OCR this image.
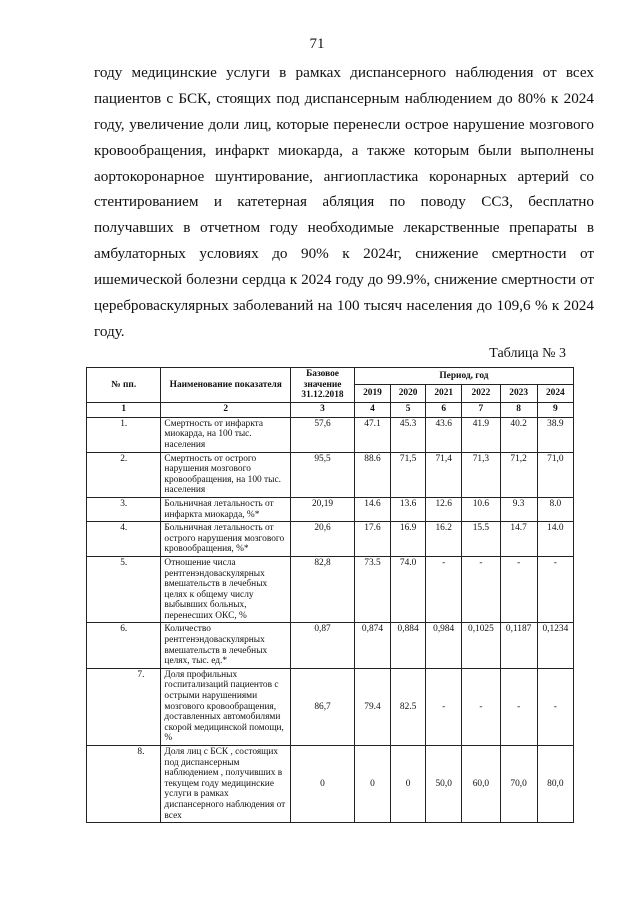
71
году медицинские услуги в рамках диспансерного наблюдения от всех
пациентов с БСК, стоящих под диспансерным наблюдением до 80% к 2024
году, увеличение доли лиц, которые перенесли острое нарушение мозгового
кровообращения, инфаркт миокарда, а также которым были выполнены
аортокоронарное шунтирование, ангиопластика коронарных артерий со
стентированием и катетерная абляция по поводу ССЗ, бесплатно
получавших в отчетном году необходимые лекарственные препараты в
амбулаторных условиях до 90% к 2024г, снижение смертности от
ишемической болезни сердца к 2024 году до 99.9%, снижение смертности от
цереброваскулярных заболеваний на 100 тысяч населения до 109,6 % к 2024
году.
Таблица № 3
№ пп.	Наименование показателя	Базовое значение 31.12.2018	Период, год					
			2019	2020	2021	2022	2023	2024
1	2	3	4	5	6	7	8	9
1.	Смертность от инфаркта миокарда, на 100 тыс. населения	57,6	47.1	45.3	43.6	41.9	40.2	38.9
2.	Смертность от острого нарушения мозгового кровообращения, на 100 тыс. населения	95,5	88.6	71,5	71,4	71,3	71,2	71,0
3.	Больничная летальность от инфаркта миокарда, %*	20,19	14.6	13.6	12.6	10.6	9.3	8.0
4.	Больничная летальность от острого нарушения мозгового кровообращения, %*	20,6	17.6	16.9	16.2	15.5	14.7	14.0
5.	Отношение числа рентгенэндоваскулярных вмешательств в лечебных целях к общему числу выбывших больных, перенесших ОКС, %	82,8	73.5	74.0	-	-	-	-
6.	Количество рентгенэндоваскулярных вмешательств в лечебных целях, тыс. ед.*	0,87	0,874	0,884	0,984	0,1025	0,1187	0,1234
7.	Доля профильных госпитализаций пациентов с острыми нарушениями мозгового кровообращения, доставленных автомобилями скорой медицинской помощи, %	86,7	79.4	82.5	-	-	-	-
8.	Доля лиц с БСК , состоящих под диспансерным наблюдением , получивших в текущем году медицинские услуги в рамках диспансерного наблюдения от всех	0	0	0	50,0	60,0	70,0	80,0
